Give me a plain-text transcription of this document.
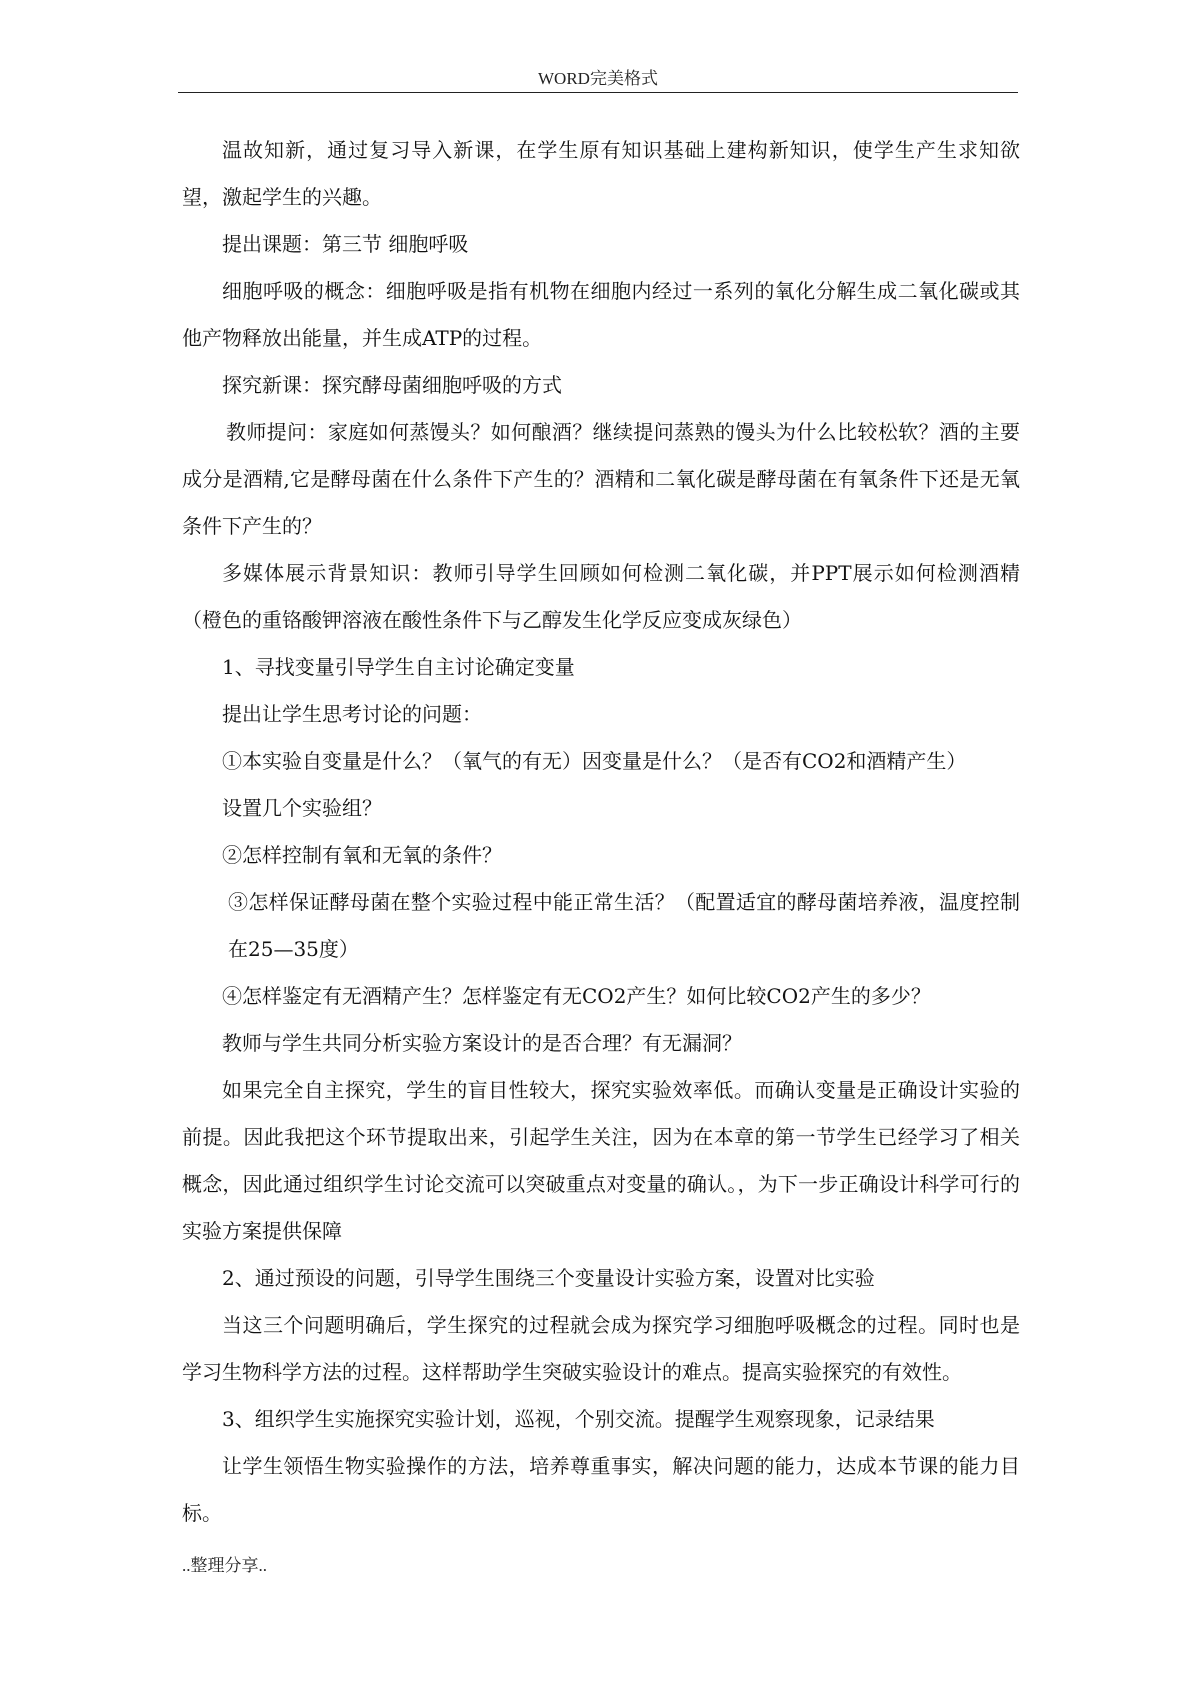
WORD完美格式

温故知新，通过复习导入新课，在学生原有知识基础上建构新知识，使学生产生求知欲望，激起学生的兴趣。

提出课题：第三节 细胞呼吸

细胞呼吸的概念：细胞呼吸是指有机物在细胞内经过一系列的氧化分解生成二氧化碳或其他产物释放出能量，并生成ATP的过程。

探究新课：探究酵母菌细胞呼吸的方式

教师提问：家庭如何蒸馒头？如何酿酒？继续提问蒸熟的馒头为什么比较松软？酒的主要成分是酒精,它是酵母菌在什么条件下产生的？酒精和二氧化碳是酵母菌在有氧条件下还是无氧条件下产生的？

多媒体展示背景知识：教师引导学生回顾如何检测二氧化碳，并PPT展示如何检测酒精（橙色的重铬酸钾溶液在酸性条件下与乙醇发生化学反应变成灰绿色）

1、寻找变量引导学生自主讨论确定变量

提出让学生思考讨论的问题：

①本实验自变量是什么？（氧气的有无）因变量是什么？（是否有CO2和酒精产生）

设置几个实验组？

②怎样控制有氧和无氧的条件？

③怎样保证酵母菌在整个实验过程中能正常生活？（配置适宜的酵母菌培养液，温度控制在25—35度）

④怎样鉴定有无酒精产生？怎样鉴定有无CO2产生？如何比较CO2产生的多少？

教师与学生共同分析实验方案设计的是否合理？有无漏洞？

如果完全自主探究，学生的盲目性较大，探究实验效率低。而确认变量是正确设计实验的前提。因此我把这个环节提取出来，引起学生关注，因为在本章的第一节学生已经学习了相关概念，因此通过组织学生讨论交流可以突破重点对变量的确认。，为下一步正确设计科学可行的实验方案提供保障

2、通过预设的问题，引导学生围绕三个变量设计实验方案，设置对比实验

当这三个问题明确后，学生探究的过程就会成为探究学习细胞呼吸概念的过程。同时也是学习生物科学方法的过程。这样帮助学生突破实验设计的难点。提高实验探究的有效性。

3、组织学生实施探究实验计划，巡视，个别交流。提醒学生观察现象，记录结果

让学生领悟生物实验操作的方法，培养尊重事实，解决问题的能力，达成本节课的能力目标。

..整理分享..
